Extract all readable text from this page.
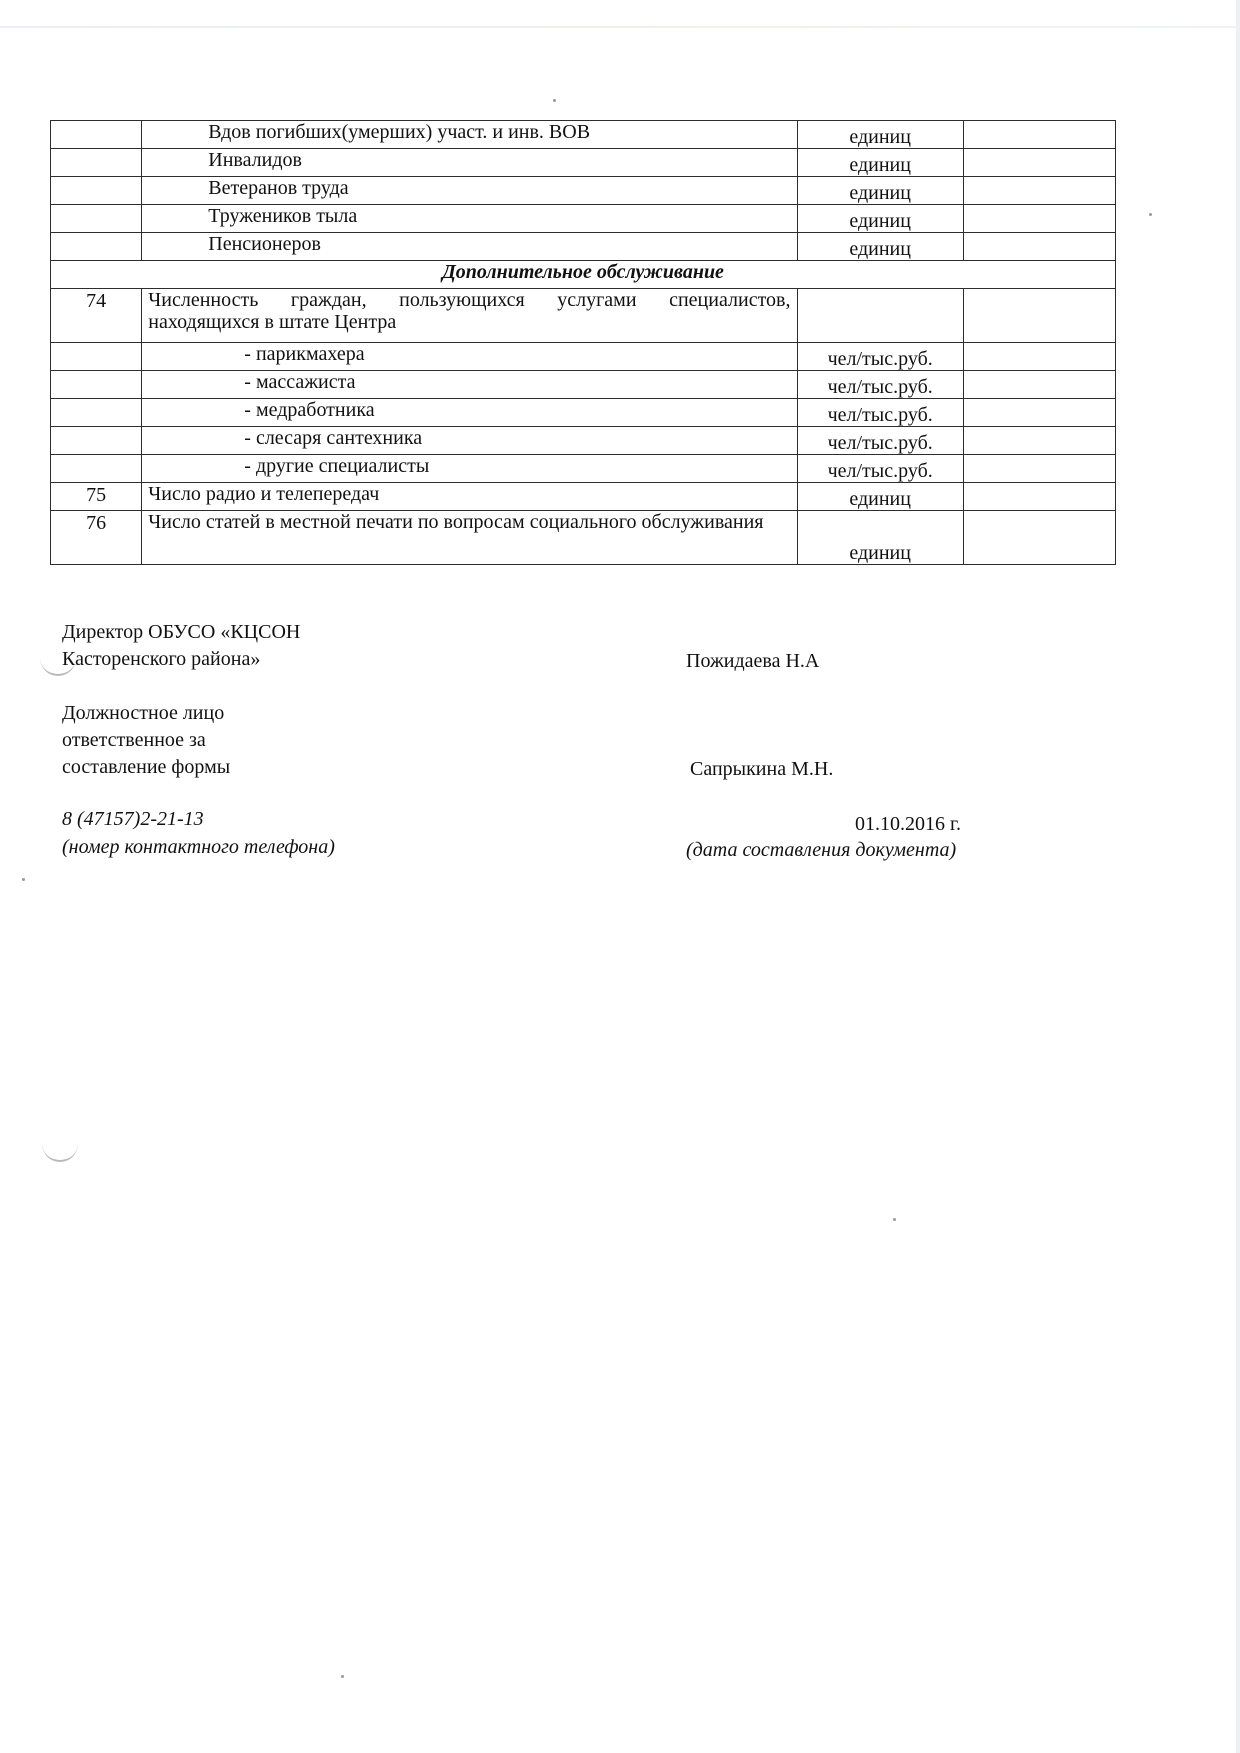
	Вдов погибших(умерших) участ. и инв. ВОВ	единиц	
	Инвалидов	единиц	
	Ветеранов труда	единиц	
	Тружеников тыла	единиц	
	Пенсионеров	единиц	
Дополнительное обслуживание			
74	Численность граждан, пользующихся услугами специалистов, находящихся в штате Центра		
	- парикмахера	чел/тыс.руб.	
	- массажиста	чел/тыс.руб.	
	- медработника	чел/тыс.руб.	
	- слесаря сантехника	чел/тыс.руб.	
	- другие специалисты	чел/тыс.руб.	
75	Число радио и телепередач	единиц	
76	Число статей в местной печати по вопросам социального обслуживания	единиц	
Директор ОБУСО «КЦСОН
Касторенского района»	Пожидаева Н.А
Должностное лицо
ответственное за
составление формы	Сапрыкина М.Н.
8 (47157)2-21-13
(номер контактного телефона)
01.10.2016 г.
(дата составления документа)
